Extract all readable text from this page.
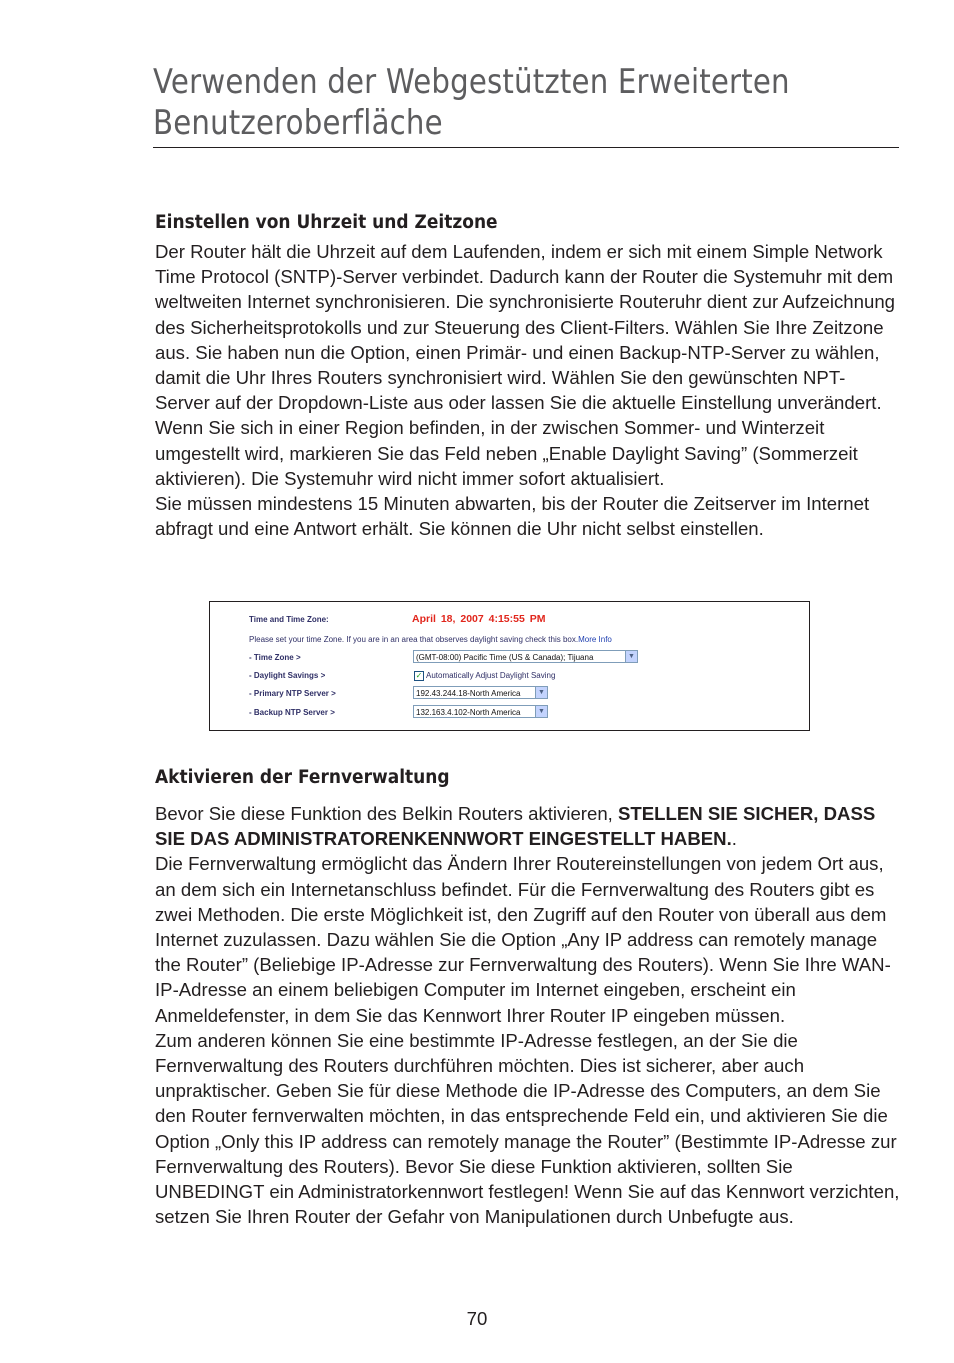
Verwenden der Webgestützten Erweiterten
Benutzeroberfläche
Einstellen von Uhrzeit und Zeitzone

Der Router hält die Uhrzeit auf dem Laufenden, indem er sich mit einem Simple Network Time Protocol (SNTP)-Server verbindet. Dadurch kann der Router die Systemuhr mit dem weltweiten Internet synchronisieren. Die synchronisierte Routeruhr dient zur Aufzeichnung des Sicherheitsprotokolls und zur Steuerung des Client-Filters. Wählen Sie Ihre Zeitzone aus. Sie haben nun die Option, einen Primär- und einen Backup-NTP-Server zu wählen, damit die Uhr Ihres Routers synchronisiert wird. Wählen Sie den gewünschten NPT-Server auf der Dropdown-Liste aus oder lassen Sie die aktuelle Einstellung unverändert.

Wenn Sie sich in einer Region befinden, in der zwischen Sommer- und Winterzeit umgestellt wird, markieren Sie das Feld neben „Enable Daylight Saving” (Sommerzeit aktivieren). Die Systemuhr wird nicht immer sofort aktualisiert.

Sie müssen mindestens 15 Minuten abwarten, bis der Router die Zeitserver im Internet abfragt und eine Antwort erhält. Sie können die Uhr nicht selbst einstellen.

Time and Time Zone:	April 18, 2007 4:15:55 PM
Please set your time Zone. If you are in an area that observes daylight saving check this box.More Info
- Time Zone >	(GMT-08:00) Pacific Time (US & Canada); Tijuana	▼
- Daylight Savings >	✓ Automatically Adjust Daylight Saving
- Primary NTP Server >	192.43.244.18-North America	▼
- Backup NTP Server >	132.163.4.102-North America	▼
Aktivieren der Fernverwaltung

Bevor Sie diese Funktion des Belkin Routers aktivieren, STELLEN SIE SICHER, DASS SIE DAS ADMINISTRATORENKENNWORT EINGESTELLT HABEN..

Die Fernverwaltung ermöglicht das Ändern Ihrer Routereinstellungen von jedem Ort aus, an dem sich ein Internetanschluss befindet. Für die Fernverwaltung des Routers gibt es zwei Methoden. Die erste Möglichkeit ist, den Zugriff auf den Router von überall aus dem Internet zuzulassen. Dazu wählen Sie die Option „Any IP address can remotely manage the Router” (Beliebige IP-Adresse zur Fernverwaltung des Routers). Wenn Sie Ihre WAN-IP-Adresse an einem beliebigen Computer im Internet eingeben, erscheint ein Anmeldefenster, in dem Sie das Kennwort Ihrer Router IP eingeben müssen.

Zum anderen können Sie eine bestimmte IP-Adresse festlegen, an der Sie die Fernverwaltung des Routers durchführen möchten. Dies ist sicherer, aber auch unpraktischer. Geben Sie für diese Methode die IP-Adresse des Computers, an dem Sie den Router fernverwalten möchten, in das entsprechende Feld ein, und aktivieren Sie die Option „Only this IP address can remotely manage the Router” (Bestimmte IP-Adresse zur Fernverwaltung des Routers). Bevor Sie diese Funktion aktivieren, sollten Sie UNBEDINGT ein Administratorkennwort festlegen! Wenn Sie auf das Kennwort verzichten, setzen Sie Ihren Router der Gefahr von Manipulationen durch Unbefugte aus.

70
